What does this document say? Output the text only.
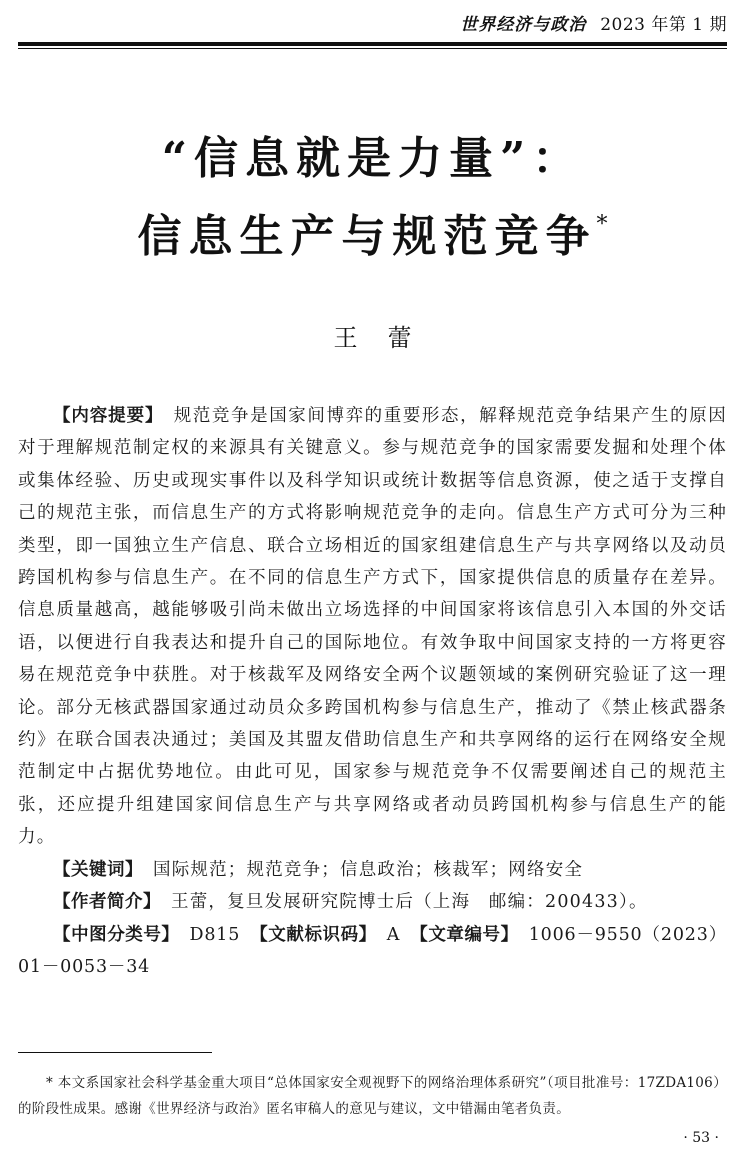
世界经济与政治 2023 年第 1 期
“信息就是力量”：
信息生产与规范竞争*
王蕾

【内容提要】 规范竞争是国家间博弈的重要形态，解释规范竞争结果产生的原因对于理解规范制定权的来源具有关键意义。参与规范竞争的国家需要发掘和处理个体或集体经验、历史或现实事件以及科学知识或统计数据等信息资源，使之适于支撑自己的规范主张，而信息生产的方式将影响规范竞争的走向。信息生产方式可分为三种类型，即一国独立生产信息、联合立场相近的国家组建信息生产与共享网络以及动员跨国机构参与信息生产。在不同的信息生产方式下，国家提供信息的质量存在差异。信息质量越高，越能够吸引尚未做出立场选择的中间国家将该信息引入本国的外交话语，以便进行自我表达和提升自己的国际地位。有效争取中间国家支持的一方将更容易在规范竞争中获胜。对于核裁军及网络安全两个议题领域的案例研究验证了这一理论。部分无核武器国家通过动员众多跨国机构参与信息生产，推动了《禁止核武器条约》在联合国表决通过；美国及其盟友借助信息生产和共享网络的运行在网络安全规范制定中占据优势地位。由此可见，国家参与规范竞争不仅需要阐述自己的规范主张，还应提升组建国家间信息生产与共享网络或者动员跨国机构参与信息生产的能力。

【关键词】 国际规范；规范竞争；信息政治；核裁军；网络安全

【作者简介】 王蕾，复旦发展研究院博士后（上海　邮编：200433）。

【中图分类号】 D815 【文献标识码】 A 【文章编号】 1006－9550（2023）01－0053－34

* 本文系国家社会科学基金重大项目“总体国家安全观视野下的网络治理体系研究”（项目批准号：17ZDA106）的阶段性成果。感谢《世界经济与政治》匿名审稿人的意见与建议，文中错漏由笔者负责。

· 53 ·
